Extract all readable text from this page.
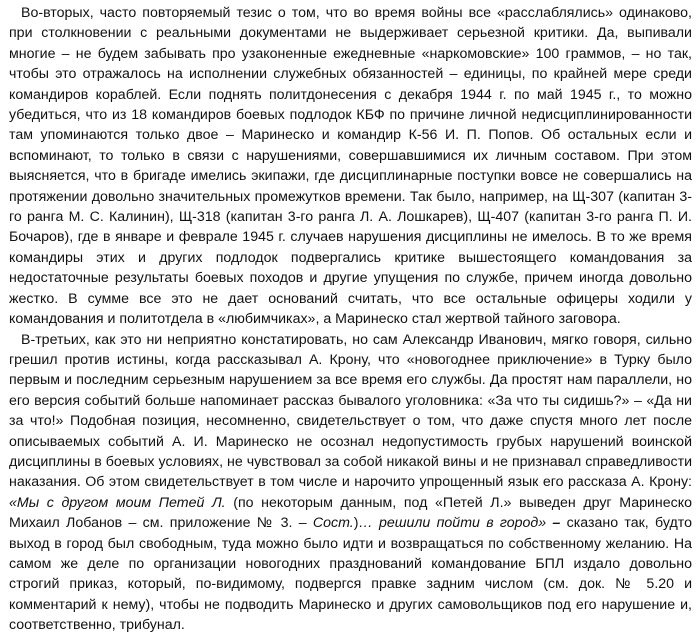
Во-вторых, часто повторяемый тезис о том, что во время войны все «расслаблялись» одинаково, при столкновении с реальными документами не выдерживает серьезной критики. Да, выпивали многие – не будем забывать про узаконенные ежедневные «наркомовские» 100 граммов, – но так, чтобы это отражалось на исполнении служебных обязанностей – единицы, по крайней мере среди командиров кораблей. Если поднять политдонесения с декабря 1944 г. по май 1945 г., то можно убедиться, что из 18 командиров боевых подлодок КБФ по причине личной недисциплинированности там упоминаются только двое – Маринеско и командир К-56 И. П. Попов. Об остальных если и вспоминают, то только в связи с нарушениями, совершавшимися их личным составом. При этом выясняется, что в бригаде имелись экипажи, где дисциплинарные поступки вовсе не совершались на протяжении довольно значительных промежутков времени. Так было, например, на Щ-307 (капитан 3-го ранга М. С. Калинин), Щ-318 (капитан 3-го ранга Л. А. Лошкарев), Щ-407 (капитан 3-го ранга П. И. Бочаров), где в январе и феврале 1945 г. случаев нарушения дисциплины не имелось. В то же время командиры этих и других подлодок подвергались критике вышестоящего командования за недостаточные результаты боевых походов и другие упущения по службе, причем иногда довольно жестко. В сумме все это не дает оснований считать, что все остальные офицеры ходили у командования и политотдела в «любимчиках», а Маринеско стал жертвой тайного заговора.

В-третьих, как это ни неприятно констатировать, но сам Александр Иванович, мягко говоря, сильно грешил против истины, когда рассказывал А. Крону, что «новогоднее приключение» в Турку было первым и последним серьезным нарушением за все время его службы. Да простят нам параллели, но его версия событий больше напоминает рассказ бывалого уголовника: «За что ты сидишь?» – «Да ни за что!» Подобная позиция, несомненно, свидетельствует о том, что даже спустя много лет после описываемых событий А. И. Маринеско не осознал недопустимость грубых нарушений воинской дисциплины в боевых условиях, не чувствовал за собой никакой вины и не признавал справедливости наказания. Об этом свидетельствует в том числе и нарочито упрощенный язык его рассказа А. Крону: «Мы с другом моим Петей Л. (по некоторым данным, под «Петей Л.» выведен друг Маринеско Михаил Лобанов – см. приложение № 3. – Сост.)… решили пойти в город» – сказано так, будто выход в город был свободным, туда можно было идти и возвращаться по собственному желанию. На самом же деле по организации новогодних празднований командование БПЛ издало довольно строгий приказ, который, по-видимому, подвергся правке задним числом (см. док. № 5.20 и комментарий к нему), чтобы не подводить Маринеско и других самовольщиков под его нарушение и, соответственно, трибунал.
